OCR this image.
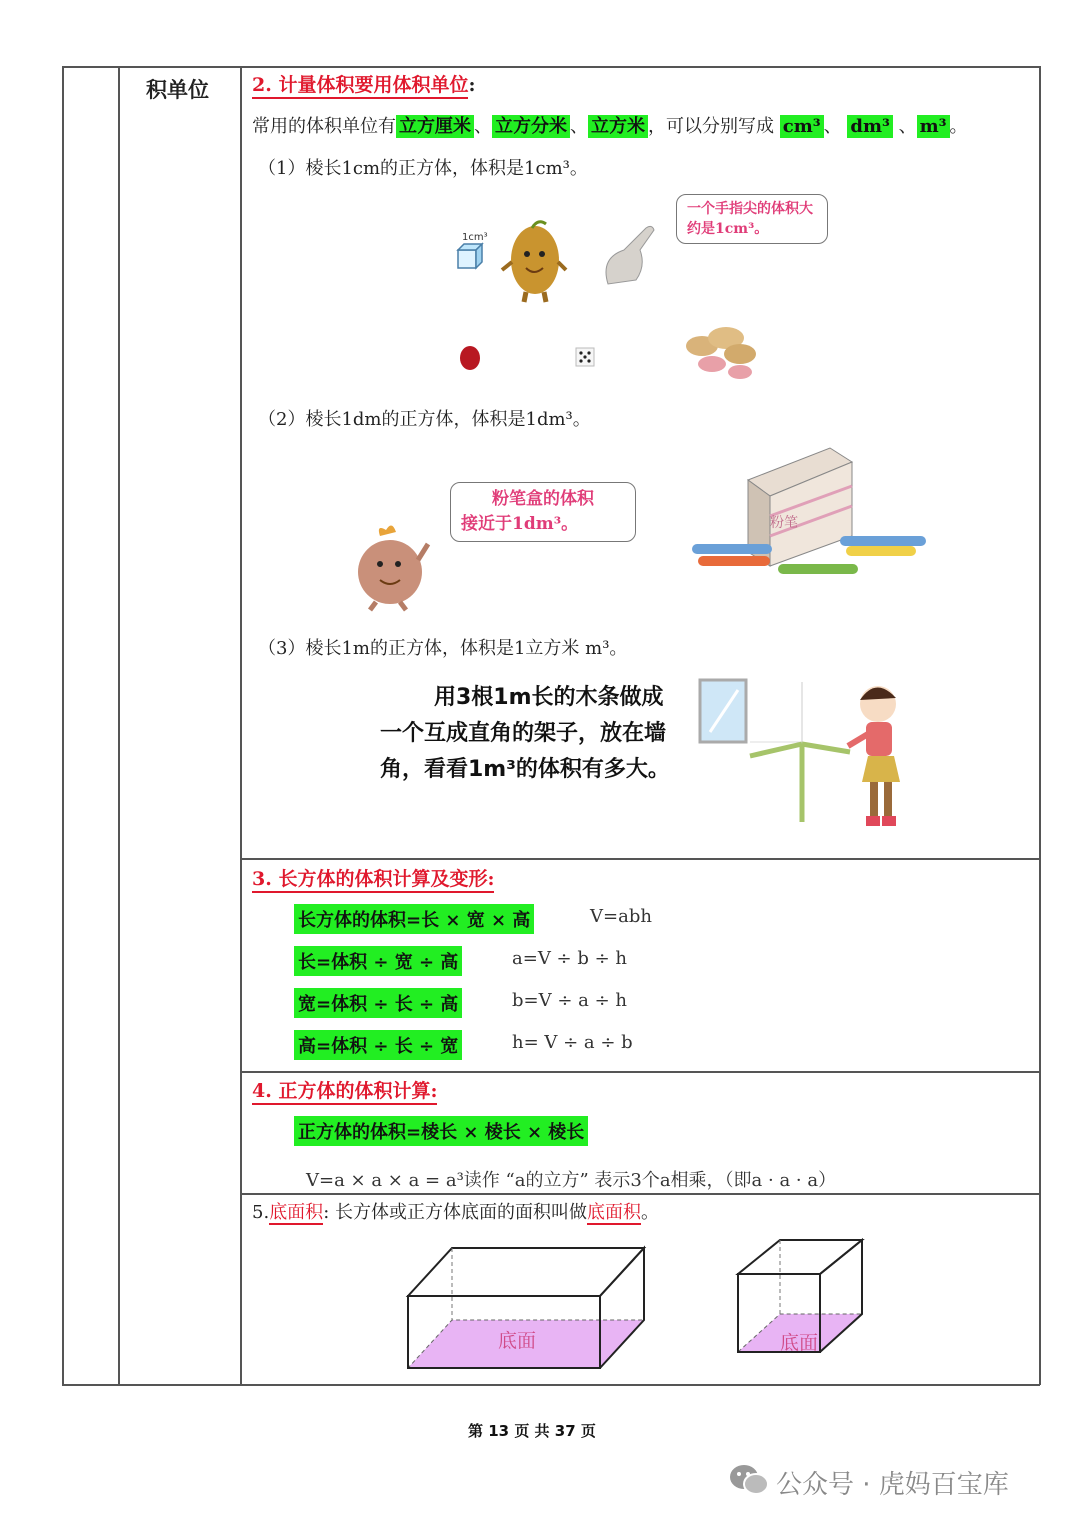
积单位 2. 计量体积要用体积单位:
常用的体积单位有 立方厘米 、 立方分米 、 立方米 ，可以分别写成 cm³ 、 dm³ 、 m³ 。
（1）棱长1cm的正方体，体积是1cm³。
1cm³
一个手指尖的体积大约是1cm³。
（2）棱长1dm的正方体，体积是1dm³。
粉笔
粉笔盒的体积
接近于1dm³。
（3）棱长1m的正方体，体积是1立方米 m³。
用3根1m长的木条做成一个互成直角的架子，放在墙角，看看1m³的体积有多大。
3. 长方体的体积计算及变形:
长方体的体积=长 × 宽 × 高	V=abh
长=体积 ÷ 宽 ÷ 高	a=V ÷ b ÷ h
宽=体积 ÷ 长 ÷ 高	b=V ÷ a ÷ h
高=体积 ÷ 长 ÷ 宽	h= V ÷ a ÷ b
4. 正方体的体积计算:
正方体的体积=棱长 × 棱长 × 棱长
V=a × a × a = a³读作 “a的立方” 表示3个a相乘，（即a · a · a）
5.底面积: 长方体或正方体底面的面积叫做底面积。
底面	底面
第 13 页 共 37 页
公众号 · 虎妈百宝库
